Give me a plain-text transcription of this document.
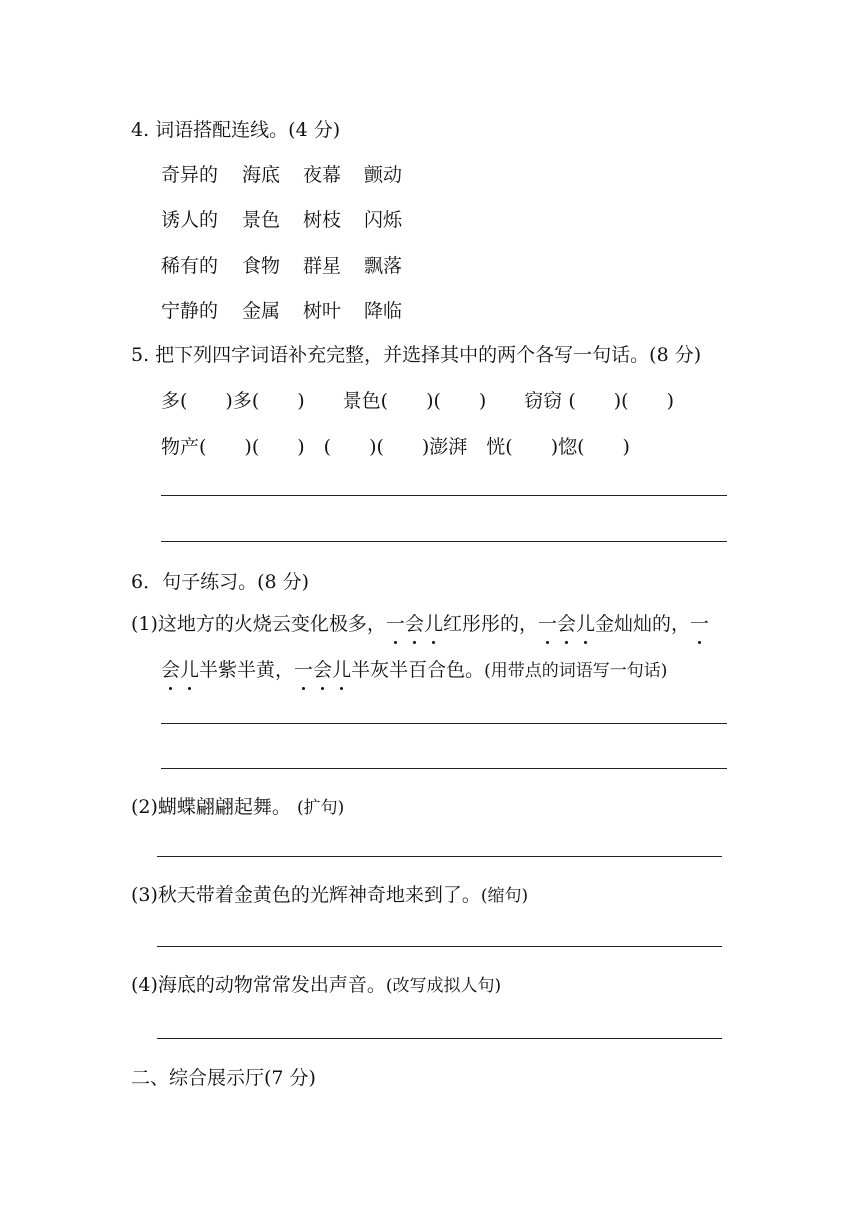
4. 词语搭配连线。(4 分)
奇异的 海底 夜幕 颤动
诱人的 景色 树枝 闪烁
稀有的 食物 群星 飘落
宁静的 金属 树叶 降临
5. 把下列四字词语补充完整，并选择其中的两个各写一句话。(8 分)
多(　　)多(　　)　　景色(　　)(　　)　　窃窃 (　　)(　　)
物产(　　)(　　)　(　　)(　　)澎湃　恍(　　)惚(　　)
6．句子练习。(8 分)
(1)这地方的火烧云变化极多，一会儿红彤彤的，一会儿金灿灿的，一
会儿半紫半黄，一会儿半灰半百合色。(用带点的词语写一句话)
(2)蝴蝶翩翩起舞。 (扩句)
(3)秋天带着金黄色的光辉神奇地来到了。(缩句)
(4)海底的动物常常发出声音。(改写成拟人句)
二、综合展示厅(7 分)
